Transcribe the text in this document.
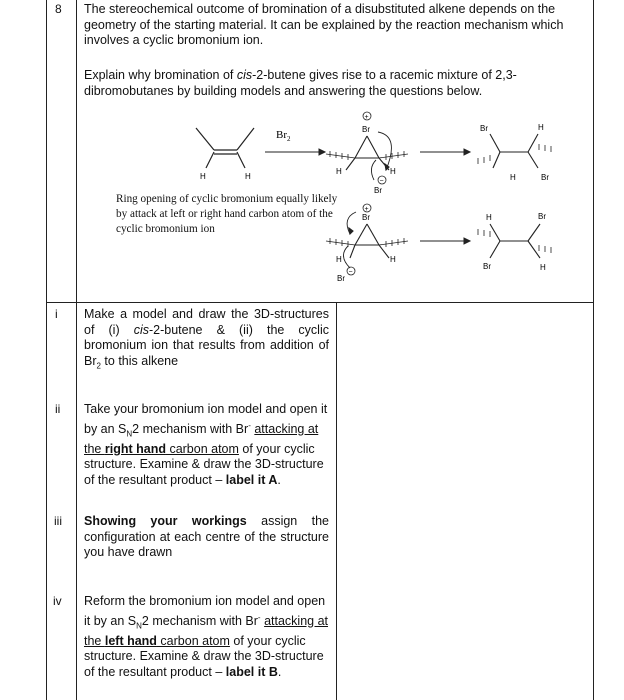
8 The stereochemical outcome of bromination of a disubstituted alkene depends on the geometry of the starting material. It can be explained by the reaction mechanism which involves a cyclic bromonium ion.
Explain why bromination of cis-2-butene gives rise to a racemic mixture of 2,3-dibromobutanes by building models and answering the questions below.
Ring opening of cyclic bromonium equally likely by attack at left or right hand carbon atom of the cyclic bromonium ion
H	H
$Br_2$
+
Br
H	H
−
Br
Br	H
H	Br
+
Br
H	H
Br
−
H	Br
Br	H
i Make a model and draw the 3D-structures of (i) cis-2-butene & (ii) the cyclic bromonium ion that results from addition of $Br_2$ to this alkene
ii Take your bromonium ion model and open it by an $S_N2$ mechanism with Br- attacking at the right hand carbon atom of your cyclic structure. Examine & draw the 3D-structure of the resultant product – label it A.
iii Showing your workings assign the configuration at each centre of the structure you have drawn
iv Reform the bromonium ion model and open it by an $S_N2$ mechanism with Br- attacking at the left hand carbon atom of your cyclic structure. Examine & draw the 3D-structure of the resultant product – label it B.
